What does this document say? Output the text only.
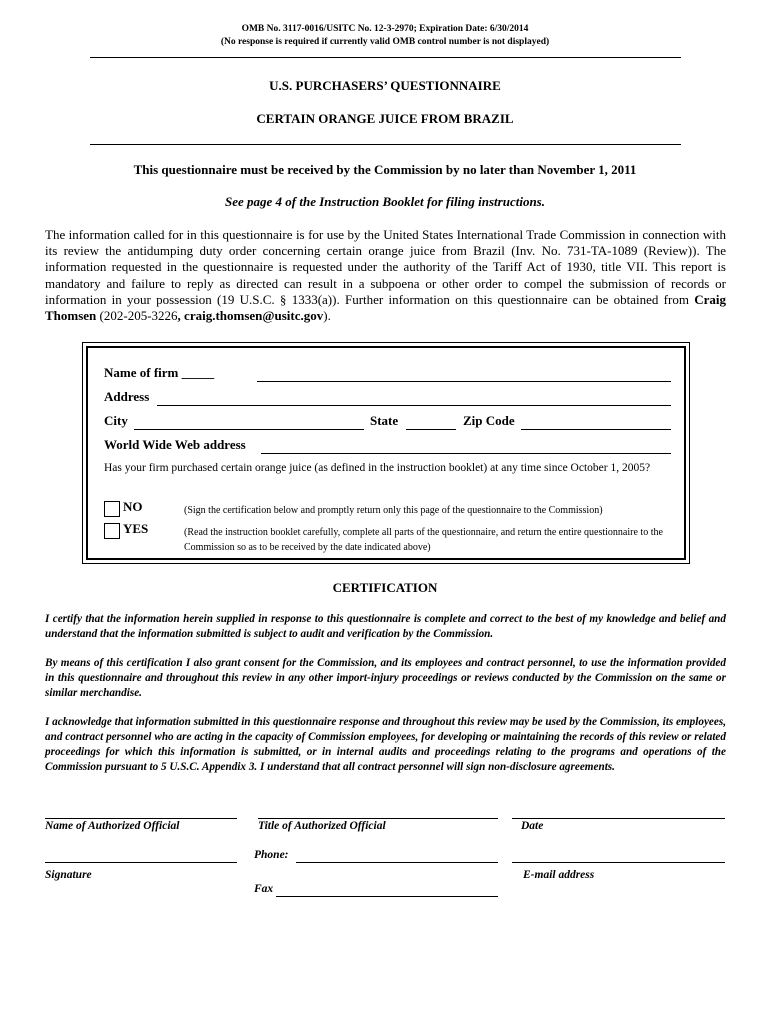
OMB No. 3117-0016/USITC No. 12-3-2970; Expiration Date: 6/30/2014
(No response is required if currently valid OMB control number is not displayed)
U.S. PURCHASERS’ QUESTIONNAIRE
CERTAIN ORANGE JUICE FROM BRAZIL
This questionnaire must be received by the Commission by no later than November 1, 2011
See page 4 of the Instruction Booklet for filing instructions.
The information called for in this questionnaire is for use by the United States International Trade Commission in connection with its review the antidumping duty order concerning certain orange juice from Brazil (Inv. No. 731-TA-1089 (Review)). The information requested in the questionnaire is requested under the authority of the Tariff Act of 1930, title VII. This report is mandatory and failure to reply as directed can result in a subpoena or other order to compel the submission of records or information in your possession (19 U.S.C. § 1333(a)). Further information on this questionnaire can be obtained from Craig Thomsen (202-205-3226, craig.thomsen@usitc.gov).
Name of firm _____
Address
City	State	Zip Code
World Wide Web address
Has your firm purchased certain orange juice (as defined in the instruction booklet) at any time since October 1, 2005?
NO	(Sign the certification below and promptly return only this page of the questionnaire to the Commission)
YES	(Read the instruction booklet carefully, complete all parts of the questionnaire, and return the entire questionnaire to the Commission so as to be received by the date indicated above)
CERTIFICATION
I certify that the information herein supplied in response to this questionnaire is complete and correct to the best of my knowledge and belief and understand that the information submitted is subject to audit and verification by the Commission.
By means of this certification I also grant consent for the Commission, and its employees and contract personnel, to use the information provided in this questionnaire and throughout this review in any other import-injury proceedings or reviews conducted by the Commission on the same or similar merchandise.
I acknowledge that information submitted in this questionnaire response and throughout this review may be used by the Commission, its employees, and contract personnel who are acting in the capacity of Commission employees, for developing or maintaining the records of this review or related proceedings for which this information is submitted, or in internal audits and proceedings relating to the programs and operations of the Commission pursuant to 5 U.S.C. Appendix 3. I understand that all contract personnel will sign non-disclosure agreements.
Name of Authorized Official	Title of Authorized Official	Date
Phone:
Signature	E-mail address
Fax
